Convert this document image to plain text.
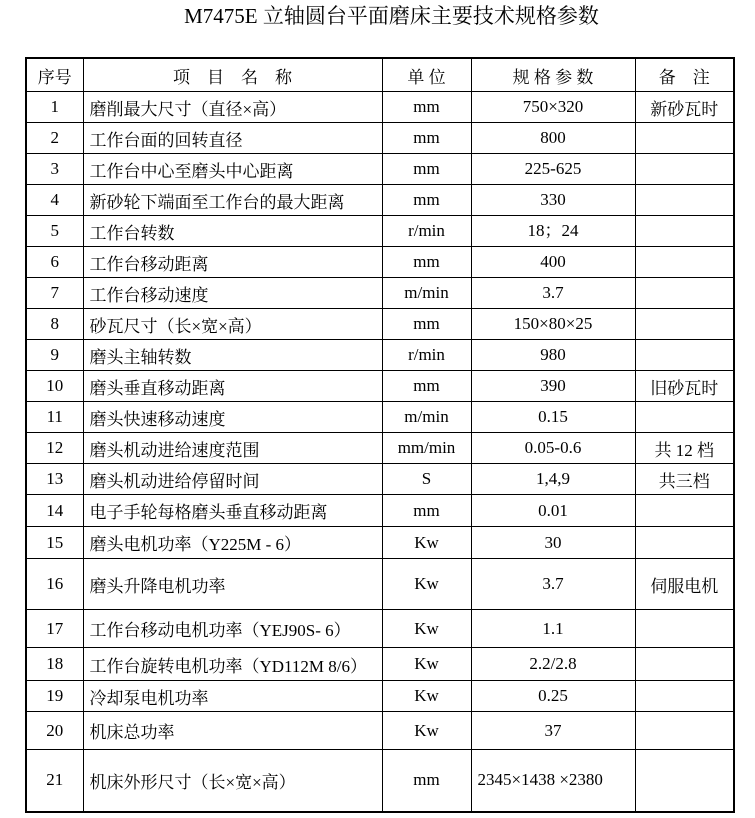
M7475E 立轴圆台平面磨床主要技术规格参数
序号	项　目　名　称	单 位	规 格 参 数	备　注
1	磨削最大尺寸（直径×高）	mm	750×320	新砂瓦时
2	工作台面的回转直径	mm	800	
3	工作台中心至磨头中心距离	mm	225-625	
4	新砂轮下端面至工作台的最大距离	mm	330	
5	工作台转数	r/min	18；24	
6	工作台移动距离	mm	400	
7	工作台移动速度	m/min	3.7	
8	砂瓦尺寸（长×宽×高）	mm	150×80×25	
9	磨头主轴转数	r/min	980	
10	磨头垂直移动距离	mm	390	旧砂瓦时
11	磨头快速移动速度	m/min	0.15	
12	磨头机动进给速度范围	mm/min	0.05-0.6	共 12 档
13	磨头机动进给停留时间	S	1,4,9	共三档
14	电子手轮每格磨头垂直移动距离	mm	0.01	
15	磨头电机功率（Y225M - 6）	Kw	30	
16	磨头升降电机功率	Kw	3.7	伺服电机
17	工作台移动电机功率（YEJ90S- 6）	Kw	1.1	
18	工作台旋转电机功率（YD112M 8/6）	Kw	2.2/2.8	
19	冷却泵电机功率	Kw	0.25	
20	机床总功率	Kw	37	
21	机床外形尺寸（长×宽×高）	mm	2345×1438 ×2380	
